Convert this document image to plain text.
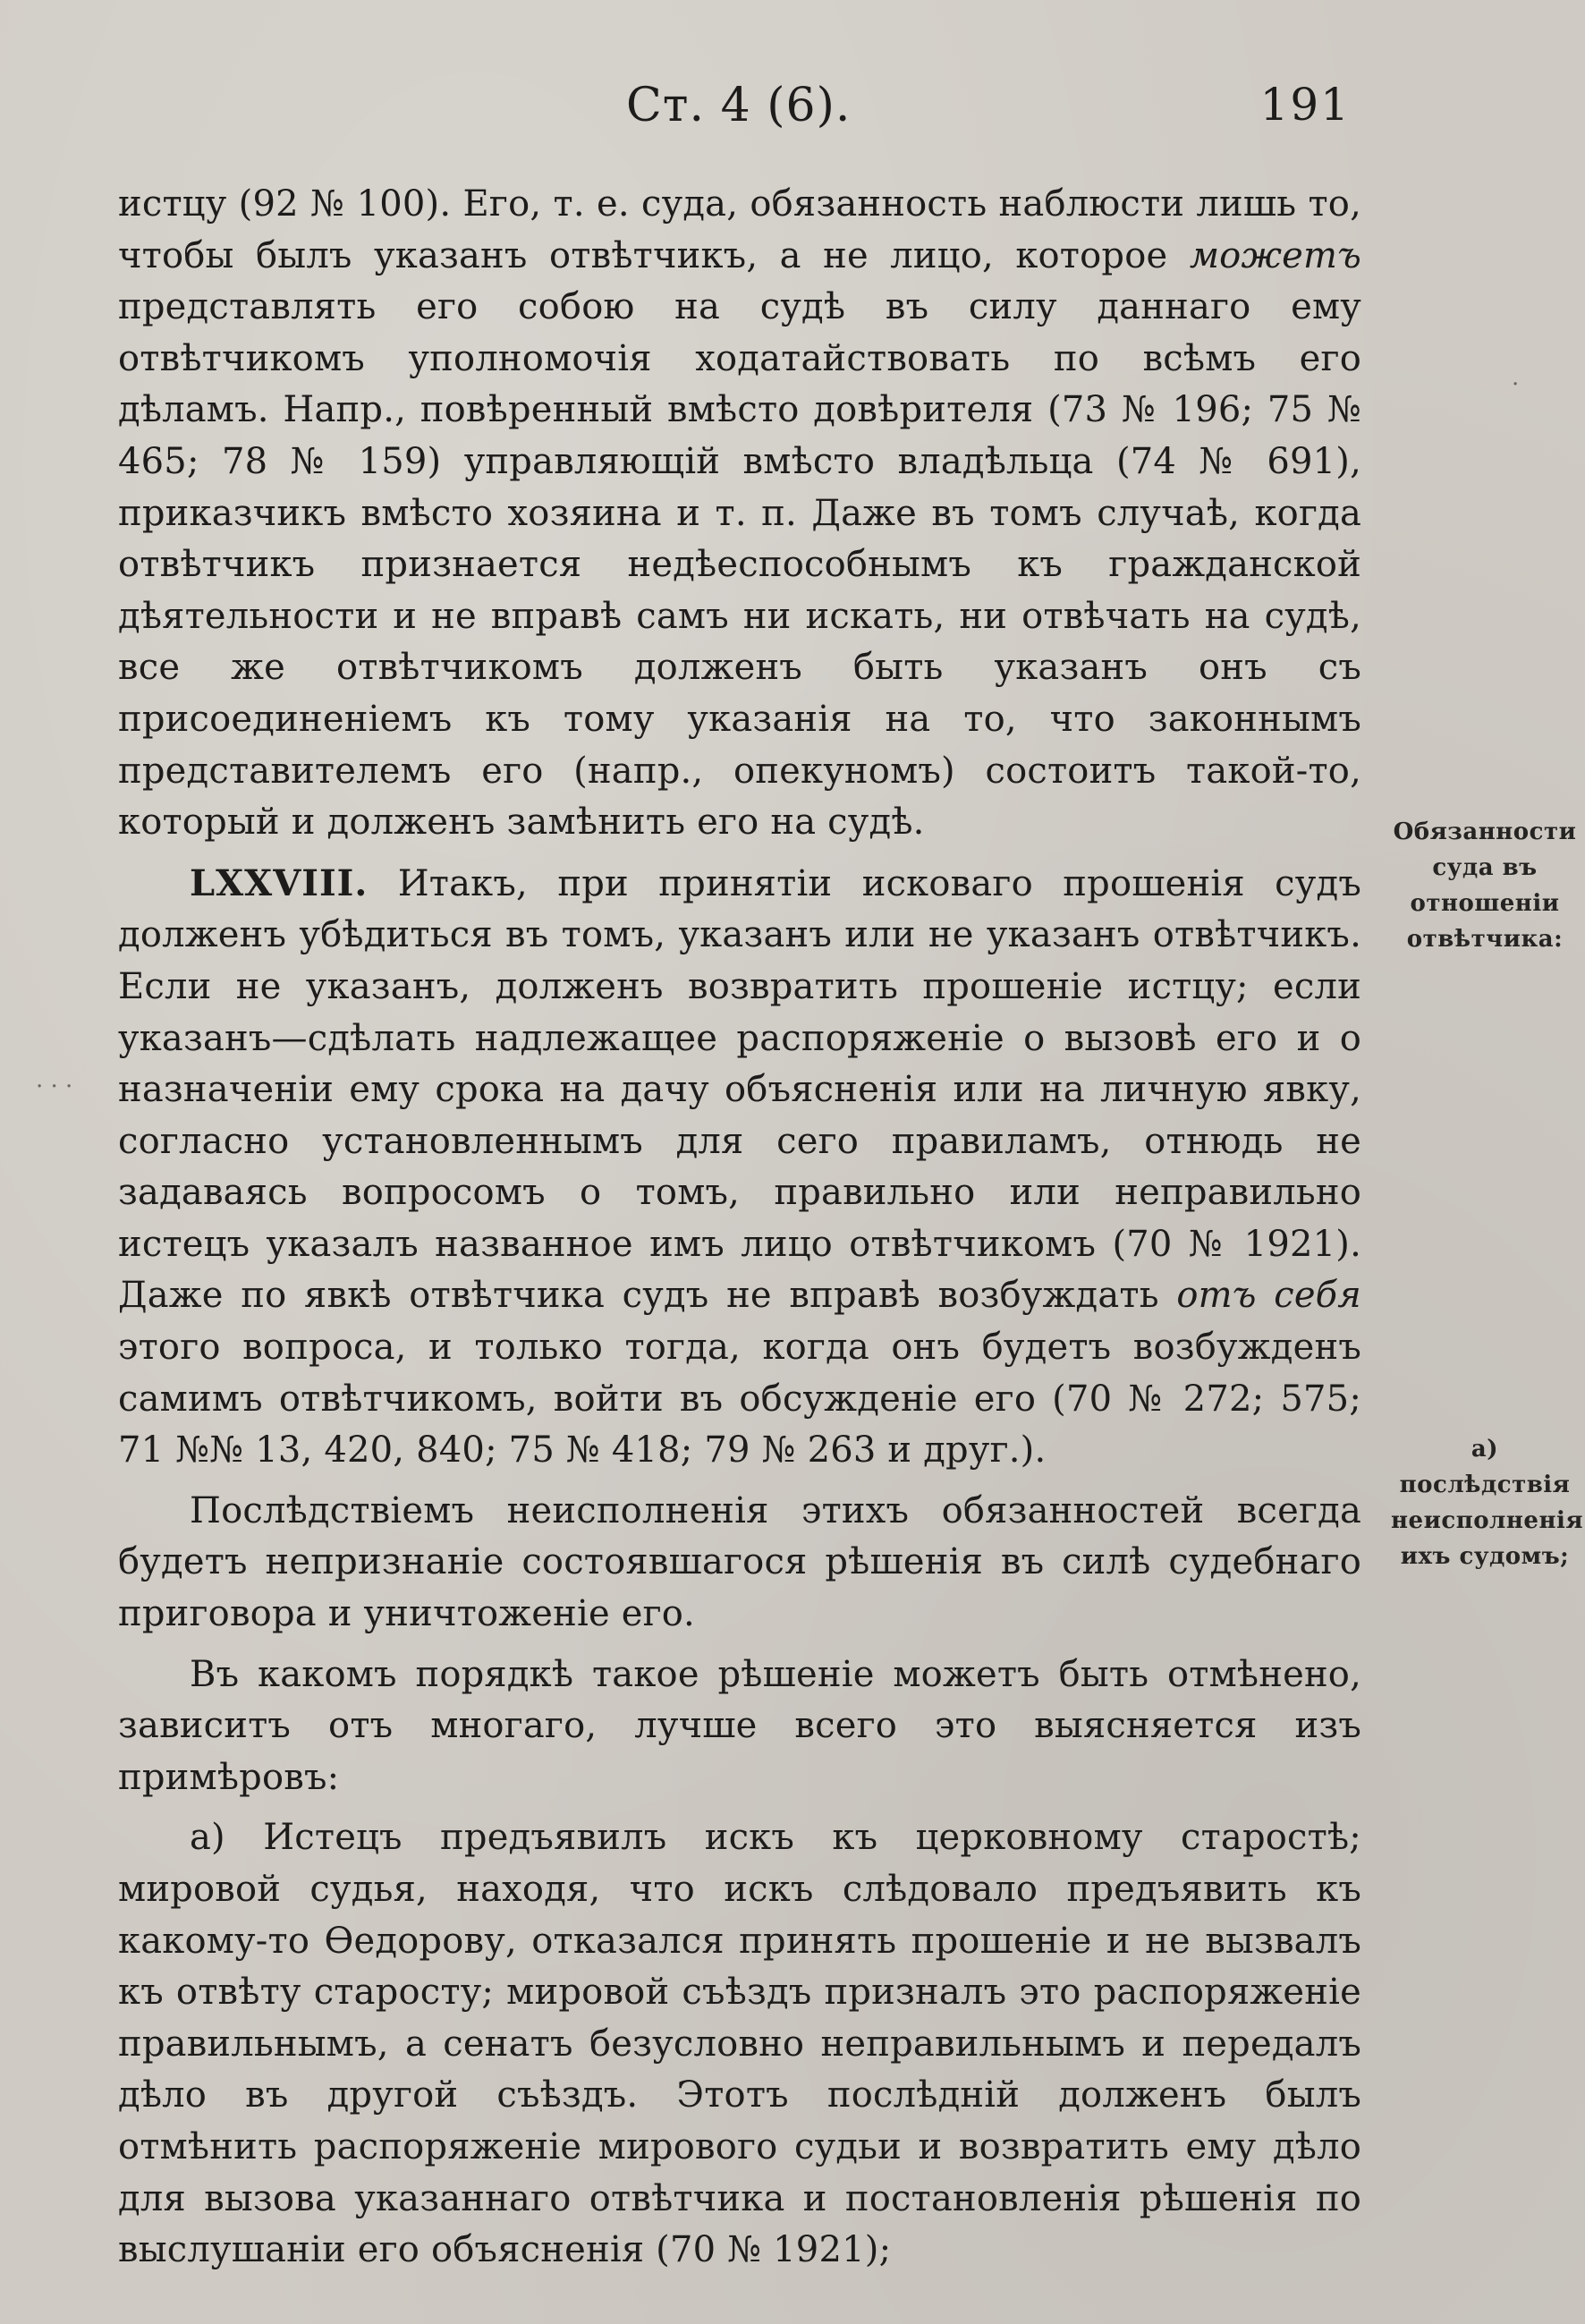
Ст. 4 (6).	191

истцу (92 № 100). Его, т. е. суда, обязанность наблюсти лишь то, чтобы былъ указанъ отвѣтчикъ, а не лицо, которое можетъ представлять его собою на судѣ въ силу даннаго ему отвѣтчикомъ уполномочія ходатайствовать по всѣмъ его дѣламъ. Напр., повѣренный вмѣсто довѣрителя (73 № 196; 75 № 465; 78 № 159) управляющій вмѣсто владѣльца (74 № 691), приказчикъ вмѣсто хозяина и т. п. Даже въ томъ случаѣ, когда отвѣтчикъ признается недѣеспособнымъ къ гражданской дѣятельности и не вправѣ самъ ни искать, ни отвѣчать на судѣ, все же отвѣтчикомъ долженъ быть указанъ онъ съ присоединеніемъ къ тому указанія на то, что законнымъ представителемъ его (напр., опекуномъ) состоитъ такой-то, который и долженъ замѣнить его на судѣ.

LXXVIII. Итакъ, при принятіи исковаго прошенія судъ долженъ убѣдиться въ томъ, указанъ или не указанъ отвѣтчикъ. Если не указанъ, долженъ возвратить прошеніе истцу; если указанъ—сдѣлать надлежащее распоряженіе о вызовѣ его и о назначеніи ему срока на дачу объясненія или на личную явку, согласно установленнымъ для сего правиламъ, отнюдь не задаваясь вопросомъ о томъ, правильно или неправильно истецъ указалъ названное имъ лицо отвѣтчикомъ (70 № 1921). Даже по явкѣ отвѣтчика судъ не вправѣ возбуждать отъ себя этого вопроса, и только тогда, когда онъ будетъ возбужденъ самимъ отвѣтчикомъ, войти въ обсужденіе его (70 № 272; 575; 71 №№ 13, 420, 840; 75 № 418; 79 № 263 и друг.).

Послѣдствіемъ неисполненія этихъ обязанностей всегда будетъ непризнаніе состоявшагося рѣшенія въ силѣ судебнаго приговора и уничтоженіе его.

Въ какомъ порядкѣ такое рѣшеніе можетъ быть отмѣнено, зависитъ отъ многаго, лучше всего это выясняется изъ примѣровъ:

а) Истецъ предъявилъ искъ къ церковному старостѣ; мировой судья, находя, что искъ слѣдовало предъявить къ какому-то Ѳедорову, отказался принять прошеніе и не вызвалъ къ отвѣту старосту; мировой съѣздъ призналъ это распоряженіе правильнымъ, а сенатъ безусловно неправильнымъ и передалъ дѣло въ другой съѣздъ. Этотъ послѣдній долженъ былъ отмѣнить распоряженіе мирового судьи и возвратить ему дѣло для вызова указаннаго отвѣтчика и постановленія рѣшенія по выслушаніи его объясненія (70 № 1921);

Обязанности суда въ отношеніи отвѣтчика:
а) послѣдствія неисполненія ихъ судомъ;
· · ·
·
